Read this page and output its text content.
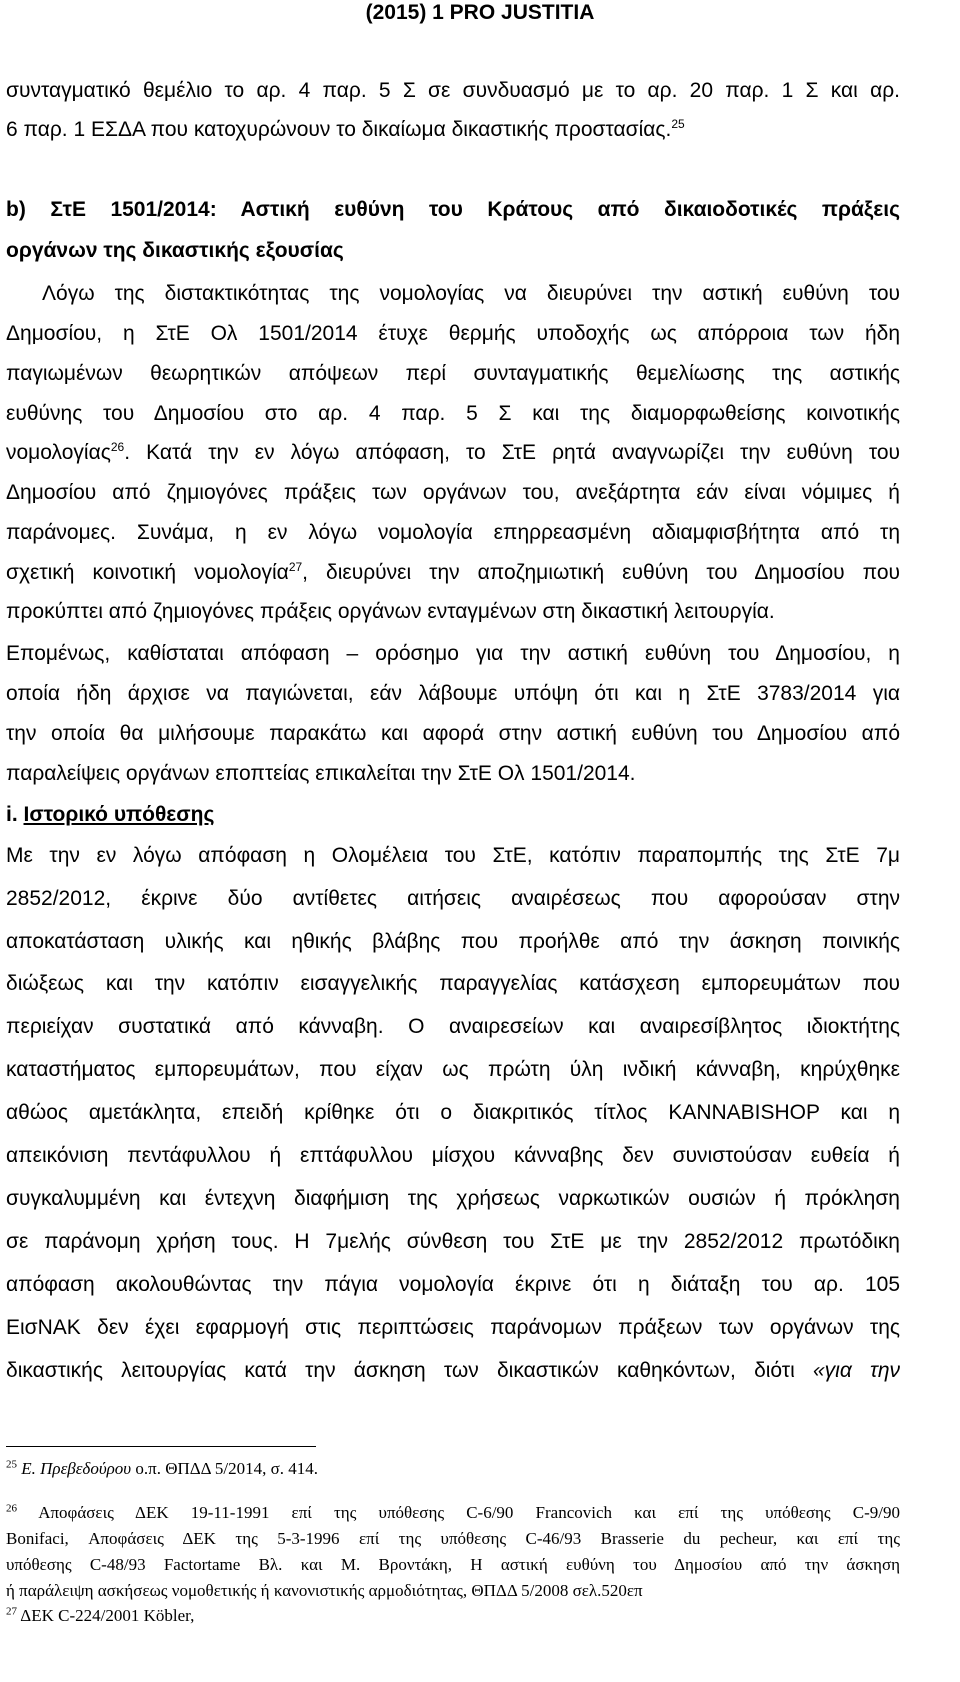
(2015) 1 PRO JUSTITIA
συνταγματικό θεμέλιο το αρ. 4 παρ. 5 Σ σε συνδυασμό με το αρ. 20 παρ. 1 Σ και αρ.
6 παρ. 1 ΕΣΔΑ που κατοχυρώνουν το δικαίωμα δικαστικής προστασίας.$^{25}$
b) ΣτΕ 1501/2014: Αστική ευθύνη του Κράτους από δικαιοδοτικές πράξεις
οργάνων της δικαστικής εξουσίας
Λόγω της διστακτικότητας της νομολογίας να διευρύνει την αστική ευθύνη του
Δημοσίου, η ΣτΕ Ολ 1501/2014 έτυχε θερμής υποδοχής ως απόρροια των ήδη
παγιωμένων θεωρητικών απόψεων περί συνταγματικής θεμελίωσης της αστικής
ευθύνης του Δημοσίου στο αρ. 4 παρ. 5 Σ και της διαμορφωθείσης κοινοτικής
νομολογίας$^{26}$. Κατά την εν λόγω απόφαση, το ΣτΕ ρητά αναγνωρίζει την ευθύνη του
Δημοσίου από ζημιογόνες πράξεις των οργάνων του, ανεξάρτητα εάν είναι νόμιμες ή
παράνομες. Συνάμα, η εν λόγω νομολογία επηρρεασμένη αδιαμφισβήτητα από τη
σχετική κοινοτική νομολογία$^{27}$, διευρύνει την αποζημιωτική ευθύνη του Δημοσίου που
προκύπτει από ζημιογόνες πράξεις οργάνων ενταγμένων στη δικαστική λειτουργία.
Επομένως, καθίσταται απόφαση – ορόσημο για την αστική ευθύνη του Δημοσίου, η
οποία ήδη άρχισε να παγιώνεται, εάν λάβουμε υπόψη ότι και η ΣτΕ 3783/2014 για
την οποία θα μιλήσουμε παρακάτω και αφορά στην αστική ευθύνη του Δημοσίου από
παραλείψεις οργάνων εποπτείας επικαλείται την ΣτΕ Ολ 1501/2014.
i. Ιστορικό υπόθεσης
Με την εν λόγω απόφαση η Ολομέλεια του ΣτΕ, κατόπιν παραπομπής της ΣτΕ 7μ
2852/2012, έκρινε δύο αντίθετες αιτήσεις αναιρέσεως που αφορούσαν στην
αποκατάσταση υλικής και ηθικής βλάβης που προήλθε από την άσκηση ποινικής
διώξεως και την κατόπιν εισαγγελικής παραγγελίας κατάσχεση εμπορευμάτων που
περιείχαν συστατικά από κάνναβη. Ο αναιρεσείων και αναιρεσίβλητος ιδιοκτήτης
καταστήματος εμπορευμάτων, που είχαν ως πρώτη ύλη ινδική κάνναβη, κηρύχθηκε
αθώος αμετάκλητα, επειδή κρίθηκε ότι ο διακριτικός τίτλος KANNABISHOP και η
απεικόνιση πεντάφυλλου ή επτάφυλλου μίσχου κάνναβης δεν συνιστούσαν ευθεία ή
συγκαλυμμένη και έντεχνη διαφήμιση της χρήσεως ναρκωτικών ουσιών ή πρόκληση
σε παράνομη χρήση τους. Η 7μελής σύνθεση του ΣτΕ με την 2852/2012 πρωτόδικη
απόφαση ακολουθώντας την πάγια νομολογία έκρινε ότι η διάταξη του αρ. 105
ΕισΝΑΚ δεν έχει εφαρμογή στις περιπτώσεις παράνομων πράξεων των οργάνων της
δικαστικής λειτουργίας κατά την άσκηση των δικαστικών καθηκόντων, διότι «για την
$^{25}$ Ε. Πρεβεδούρου ο.π. ΘΠΔΔ 5/2014, σ. 414.
$^{26}$ Αποφάσεις ΔΕΚ 19-11-1991 επί της υπόθεσης C-6/90 Francovich και επί της υπόθεσης C-9/90
Bonifaci, Αποφάσεις ΔΕΚ της 5-3-1996 επί της υπόθεσης C-46/93 Brasserie du pecheur, και επί της
υπόθεσης C-48/93 Factortame Βλ. και Μ. Βροντάκη, Η αστική ευθύνη του Δημοσίου από την άσκηση
ή παράλειψη ασκήσεως νομοθετικής ή κανονιστικής αρμοδιότητας, ΘΠΔΔ 5/2008 σελ.520επ
$^{27}$ ΔΕΚ C-224/2001 Köbler,
